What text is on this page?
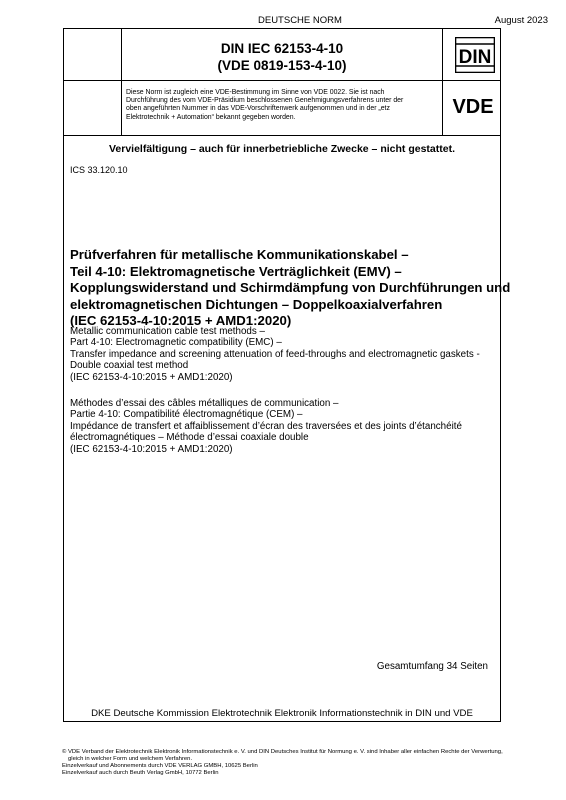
DEUTSCHE NORM	August 2023
DIN IEC 62153-4-10
(VDE 0819-153-4-10)	DIN
Diese Norm ist zugleich eine VDE-Bestimmung im Sinne von VDE 0022. Sie ist nach
Durchführung des vom VDE-Präsidium beschlossenen Genehmigungsverfahrens unter der
oben angeführten Nummer in das VDE-Vorschriftenwerk aufgenommen und in der „etz
Elektrotechnik + Automation“ bekannt gegeben worden.	VDE
Vervielfältigung – auch für innerbetriebliche Zwecke – nicht gestattet.
ICS 33.120.10
Prüfverfahren für metallische Kommunikationskabel –
Teil 4-10: Elektromagnetische Verträglichkeit (EMV) –
Kopplungswiderstand und Schirmdämpfung von Durchführungen und
elektromagnetischen Dichtungen – Doppelkoaxialverfahren
(IEC 62153-4-10:2015 + AMD1:2020)
Metallic communication cable test methods –
Part 4-10: Electromagnetic compatibility (EMC) –
Transfer impedance and screening attenuation of feed-throughs and electromagnetic gaskets -
Double coaxial test method
(IEC 62153-4-10:2015 + AMD1:2020)
Méthodes d’essai des câbles métalliques de communication –
Partie 4-10: Compatibilité électromagnétique (CEM) –
Impédance de transfert et affaiblissement d’écran des traversées et des joints d’étanchéité
électromagnétiques – Méthode d’essai coaxiale double
(IEC 62153-4-10:2015 + AMD1:2020)
Gesamtumfang 34 Seiten
DKE Deutsche Kommission Elektrotechnik Elektronik Informationstechnik in DIN und VDE
© VDE Verband der Elektrotechnik Elektronik Informationstechnik e. V. und DIN Deutsches Institut für Normung e. V. sind Inhaber aller einfachen Rechte der Verwertung,
gleich in welcher Form und welchem Verfahren.
Einzelverkauf und Abonnements durch VDE VERLAG GMBH, 10625 Berlin
Einzelverkauf auch durch Beuth Verlag GmbH, 10772 Berlin
